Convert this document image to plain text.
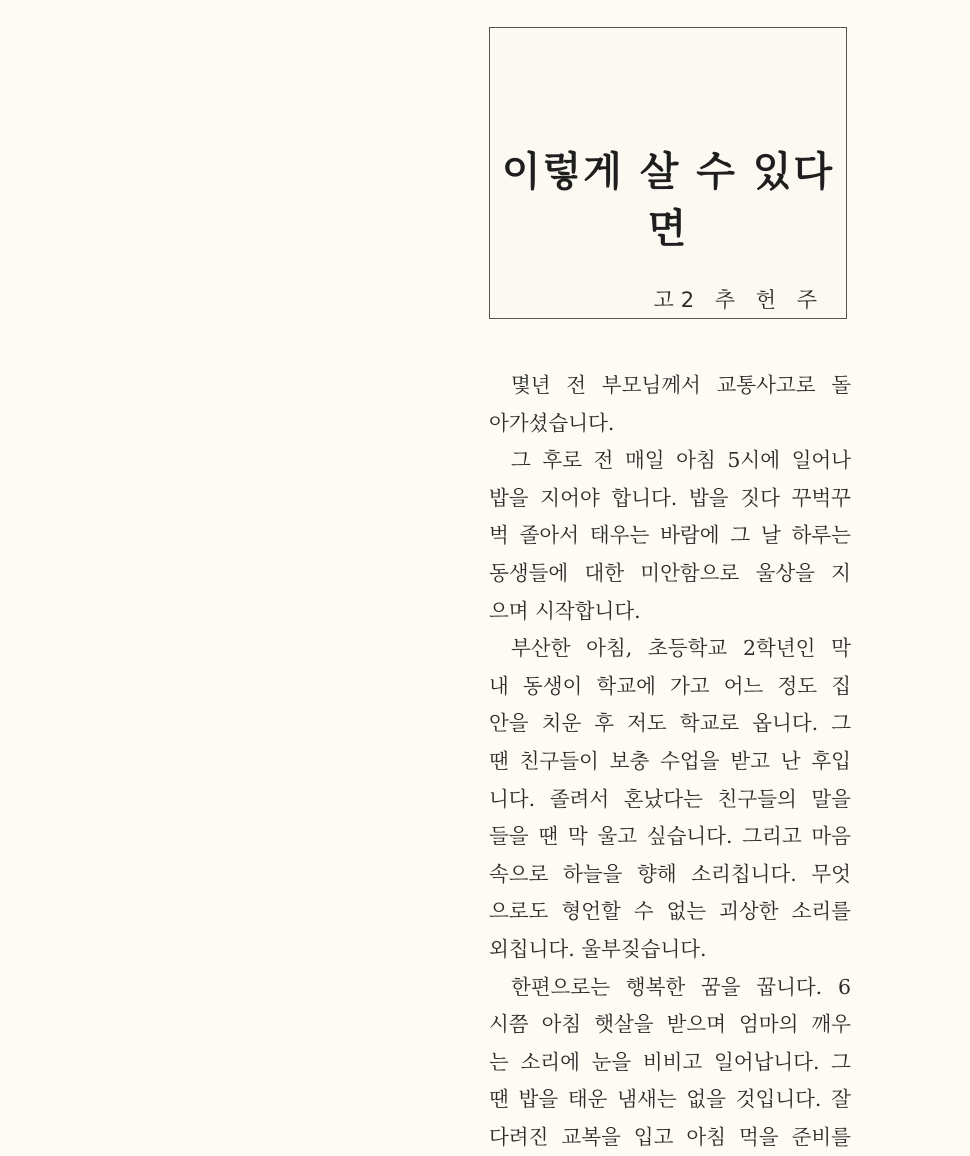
이렇게 살 수 있다면
고2 추 헌 주
몇년 전 부모님께서 교통사고로 돌
아가셨습니다.
그 후로 전 매일 아침 5시에 일어나
밥을 지어야 합니다. 밥을 짓다 꾸벅꾸
벅 졸아서 태우는 바람에 그 날 하루는
동생들에 대한 미안함으로 울상을 지
으며 시작합니다.
부산한 아침, 초등학교 2학년인 막
내 동생이 학교에 가고 어느 정도 집
안을 치운 후 저도 학교로 옵니다. 그
땐 친구들이 보충 수업을 받고 난 후입
니다. 졸려서 혼났다는 친구들의 말을
들을 땐 막 울고 싶습니다. 그리고 마음
속으로 하늘을 향해 소리칩니다. 무엇
으로도 형언할 수 없는 괴상한 소리를
외칩니다. 울부짖습니다.
한편으로는 행복한 꿈을 꿉니다. 6
시쯤 아침 햇살을 받으며 엄마의 깨우
는 소리에 눈을 비비고 일어납니다. 그
땐 밥을 태운 냄새는 없을 것입니다. 잘
다려진 교복을 입고 아침 먹을 준비를
